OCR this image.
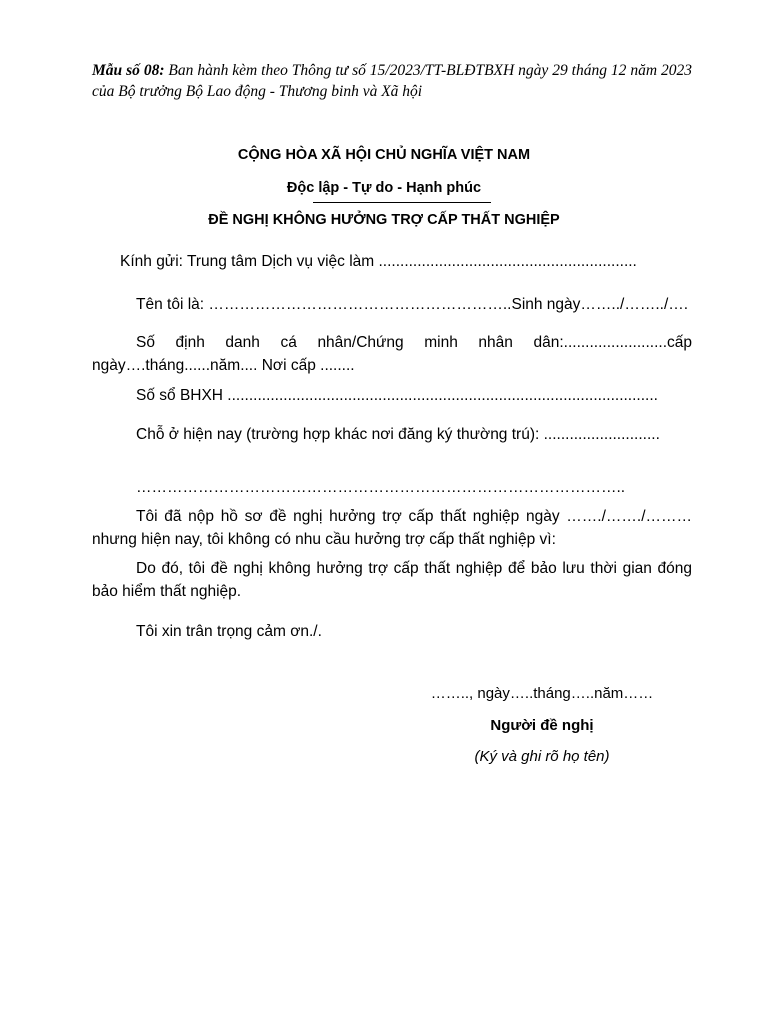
Mẫu số 08: Ban hành kèm theo Thông tư số 15/2023/TT-BLĐTBXH ngày 29 tháng 12 năm 2023 của Bộ trưởng Bộ Lao động - Thương binh và Xã hội
CỘNG HÒA XÃ HỘI CHỦ NGHĨA VIỆT NAM
Độc lập - Tự do - Hạnh phúc
ĐỀ NGHỊ KHÔNG HƯỞNG TRỢ CẤP THẤT NGHIỆP
Kính gửi: Trung tâm Dịch vụ việc làm ............................................................
Tên tôi là: …………………………………………………..Sinh ngày……../……../….
Số định danh cá nhân/Chứng minh nhân dân:........................cấp ngày….tháng......năm.... Nơi cấp ........
Số sổ BHXH ....................................................................................................
Chỗ ở hiện nay (trường hợp khác nơi đăng ký thường trú): ...........................
…………………………………………………………………………………..
Tôi đã nộp hồ sơ đề nghị hưởng trợ cấp thất nghiệp ngày ……./……./……… nhưng hiện nay, tôi không có nhu cầu hưởng trợ cấp thất nghiệp vì:
Do đó, tôi đề nghị không hưởng trợ cấp thất nghiệp để bảo lưu thời gian đóng bảo hiểm thất nghiệp.
Tôi xin trân trọng cảm ơn./.
…….., ngày…..tháng…..năm……
Người đề nghị
(Ký và ghi rõ họ tên)
